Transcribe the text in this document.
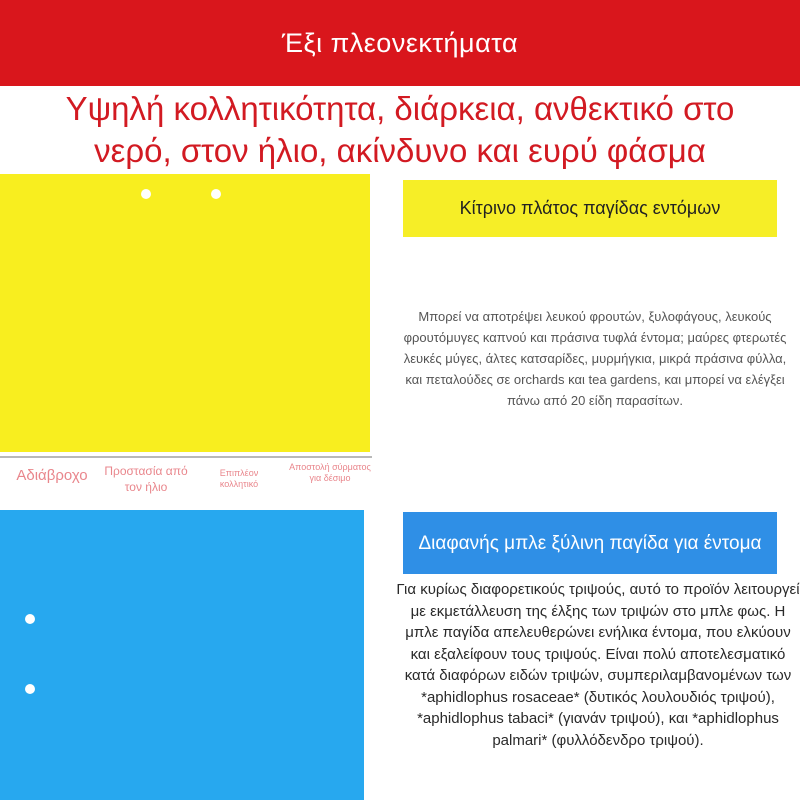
Έξι πλεονεκτήματα
Υψηλή κολλητικότητα, διάρκεια, ανθεκτικό στο
νερό, στον ήλιο, ακίνδυνο και ευρύ φάσμα
Αδιάβροχο	Προστασία από τον ήλιο
Επιπλέον κολλητικό
Αποστολή σύρματος για δέσιμο
Κίτρινο πλάτος παγίδας εντόμων
Μπορεί να αποτρέψει λευκού φρουτών, ξυλοφάγους, λευκούς φρουτόμυγες καπνού και πράσινα τυφλά έντομα; μαύρες φτερωτές λευκές μύγες, άλτες κατσαρίδες, μυρμήγκια, μικρά πράσινα φύλλα, και πεταλούδες σε orchards και tea gardens, και μπορεί να ελέγξει πάνω από 20 είδη παρασίτων.
Διαφανής μπλε ξύλινη παγίδα για έντομα
Για κυρίως διαφορετικούς τριψούς, αυτό το προϊόν λειτουργεί με εκμετάλλευση της έλξης των τριψών στο μπλε φως. Η μπλε παγίδα απελευθερώνει ενήλικα έντομα, που ελκύουν και εξαλείφουν τους τριψούς. Είναι πολύ αποτελεσματικό κατά διαφόρων ειδών τριψών, συμπεριλαμβανομένων των *aphidlophus rosaceae* (δυτικός λουλουδιός τριψού), *aphidlophus tabaci* (γιανάν τριψού), και *aphidlophus palmari* (φυλλόδενδρο τριψού).
